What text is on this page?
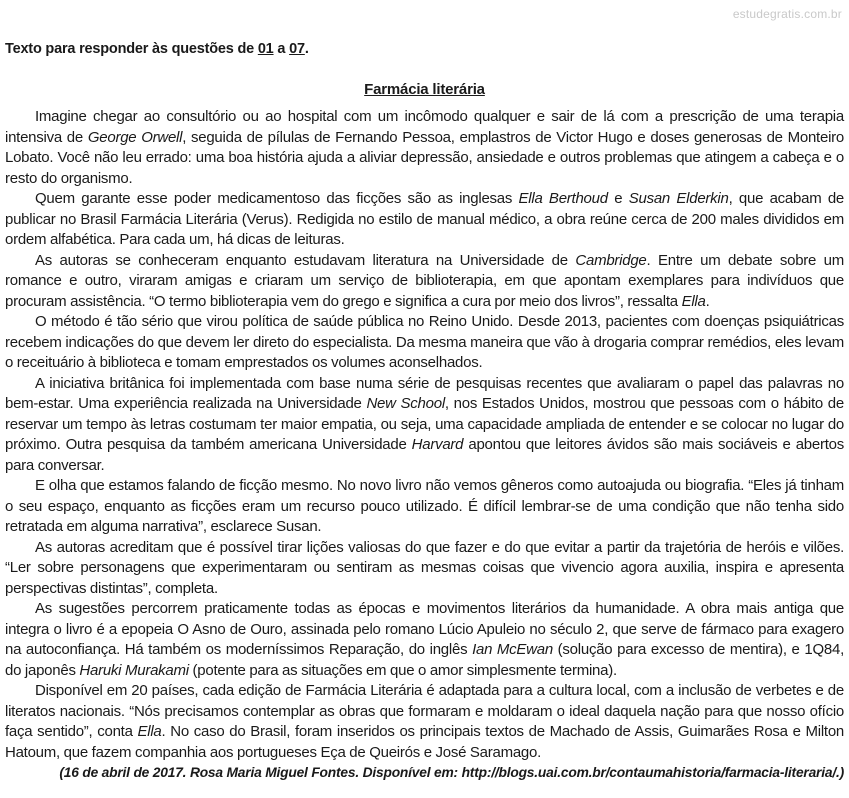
estudegratis.com.br

Texto para responder às questões de 01 a 07.

Farmácia literária

Imagine chegar ao consultório ou ao hospital com um incômodo qualquer e sair de lá com a prescrição de uma terapia intensiva de George Orwell, seguida de pílulas de Fernando Pessoa, emplastros de Victor Hugo e doses generosas de Monteiro Lobato. Você não leu errado: uma boa história ajuda a aliviar depressão, ansiedade e outros problemas que atingem a cabeça e o resto do organismo.

Quem garante esse poder medicamentoso das ficções são as inglesas Ella Berthoud e Susan Elderkin, que acabam de publicar no Brasil Farmácia Literária (Verus). Redigida no estilo de manual médico, a obra reúne cerca de 200 males divididos em ordem alfabética. Para cada um, há dicas de leituras.

As autoras se conheceram enquanto estudavam literatura na Universidade de Cambridge. Entre um debate sobre um romance e outro, viraram amigas e criaram um serviço de biblioterapia, em que apontam exemplares para indivíduos que procuram assistência. “O termo biblioterapia vem do grego e significa a cura por meio dos livros”, ressalta Ella.

O método é tão sério que virou política de saúde pública no Reino Unido. Desde 2013, pacientes com doenças psiquiátricas recebem indicações do que devem ler direto do especialista. Da mesma maneira que vão à drogaria comprar remédios, eles levam o receituário à biblioteca e tomam emprestados os volumes aconselhados.

A iniciativa britânica foi implementada com base numa série de pesquisas recentes que avaliaram o papel das palavras no bem-estar. Uma experiência realizada na Universidade New School, nos Estados Unidos, mostrou que pessoas com o hábito de reservar um tempo às letras costumam ter maior empatia, ou seja, uma capacidade ampliada de entender e se colocar no lugar do próximo. Outra pesquisa da também americana Universidade Harvard apontou que leitores ávidos são mais sociáveis e abertos para conversar.

E olha que estamos falando de ficção mesmo. No novo livro não vemos gêneros como autoajuda ou biografia. “Eles já tinham o seu espaço, enquanto as ficções eram um recurso pouco utilizado. É difícil lembrar-se de uma condição que não tenha sido retratada em alguma narrativa”, esclarece Susan.

As autoras acreditam que é possível tirar lições valiosas do que fazer e do que evitar a partir da trajetória de heróis e vilões. “Ler sobre personagens que experimentaram ou sentiram as mesmas coisas que vivencio agora auxilia, inspira e apresenta perspectivas distintas”, completa.

As sugestões percorrem praticamente todas as épocas e movimentos literários da humanidade. A obra mais antiga que integra o livro é a epopeia O Asno de Ouro, assinada pelo romano Lúcio Apuleio no século 2, que serve de fármaco para exagero na autoconfiança. Há também os moderníssimos Reparação, do inglês Ian McEwan (solução para excesso de mentira), e 1Q84, do japonês Haruki Murakami (potente para as situações em que o amor simplesmente termina).

Disponível em 20 países, cada edição de Farmácia Literária é adaptada para a cultura local, com a inclusão de verbetes e de literatos nacionais. “Nós precisamos contemplar as obras que formaram e moldaram o ideal daquela nação para que nosso ofício faça sentido”, conta Ella. No caso do Brasil, foram inseridos os principais textos de Machado de Assis, Guimarães Rosa e Milton Hatoum, que fazem companhia aos portugueses Eça de Queirós e José Saramago.

(16 de abril de 2017. Rosa Maria Miguel Fontes. Disponível em: http://blogs.uai.com.br/contaumahistoria/farmacia-literaria/.)
